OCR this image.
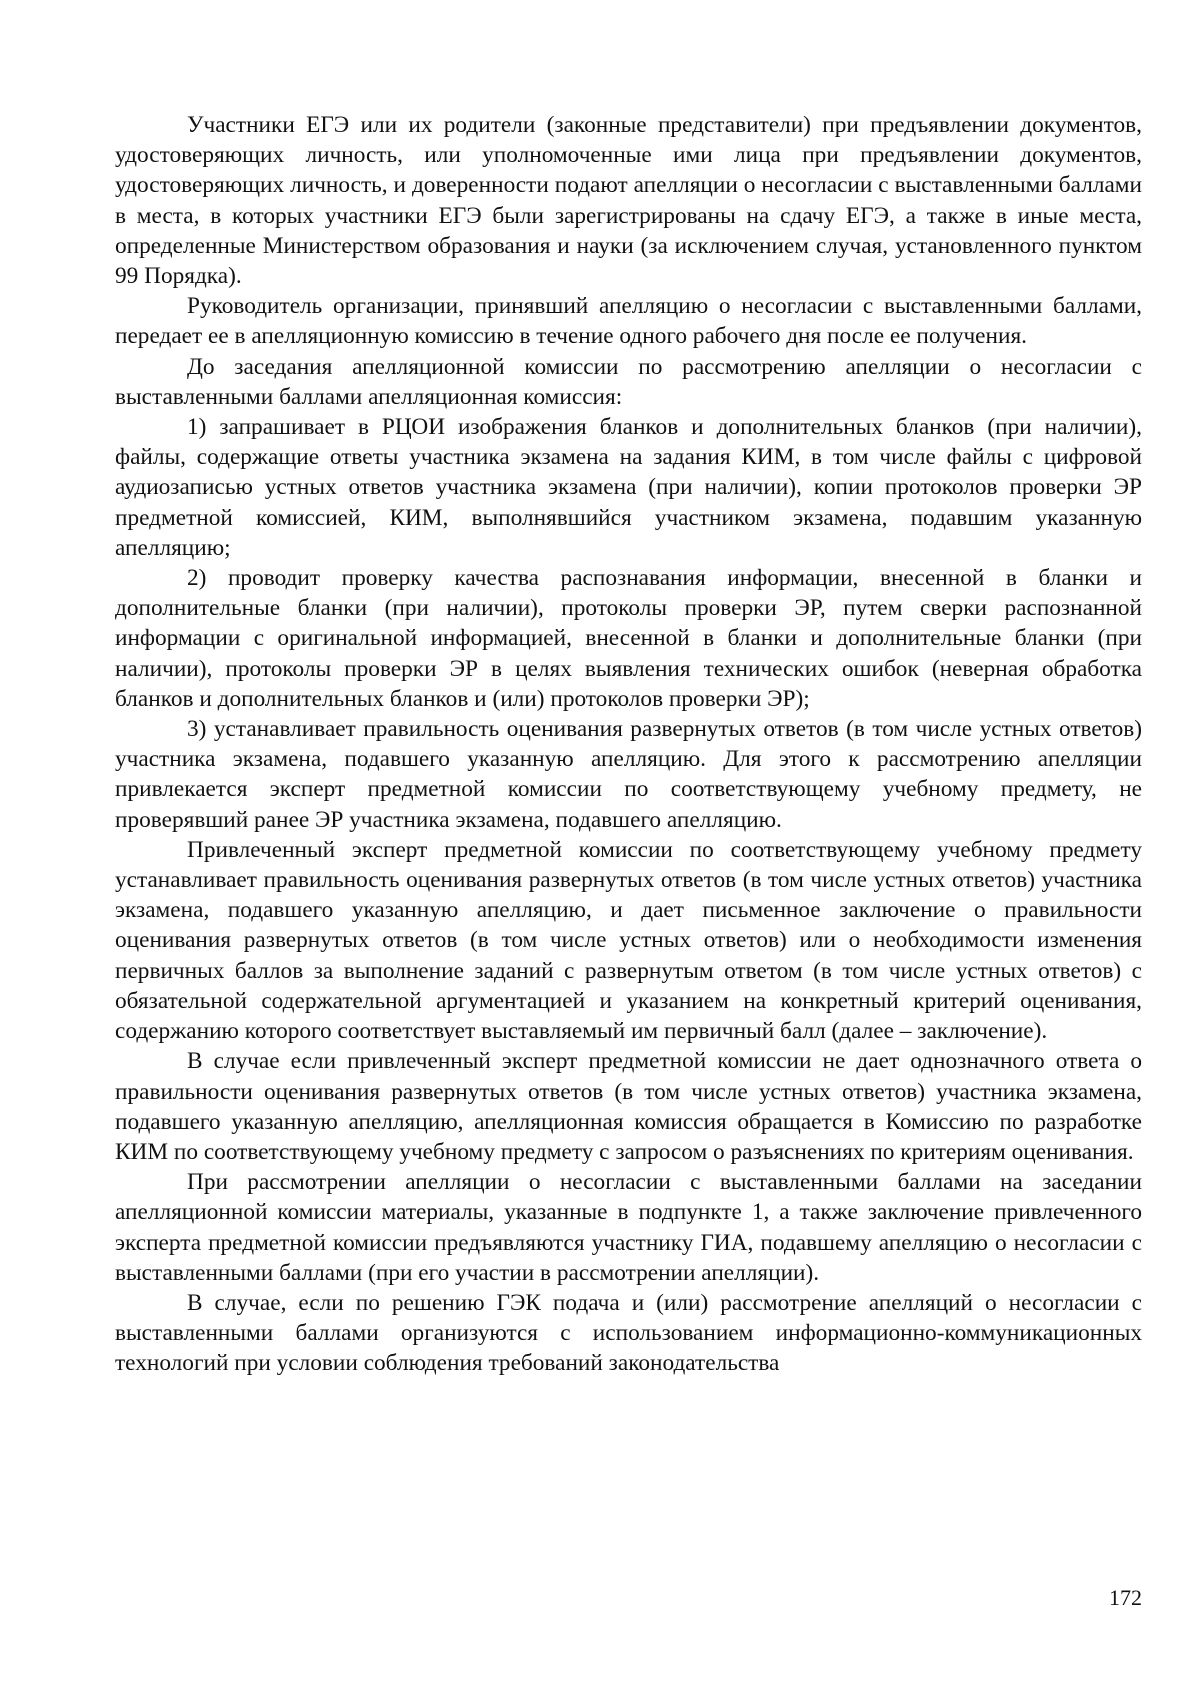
Участники ЕГЭ или их родители (законные представители) при предъявлении документов, удостоверяющих личность, или уполномоченные ими лица при предъявлении документов, удостоверяющих личность, и доверенности подают апелляции о несогласии с выставленными баллами в места, в которых участники ЕГЭ были зарегистрированы на сдачу ЕГЭ, а также в иные места, определенные Министерством образования и науки (за исключением случая, установленного пунктом 99 Порядка).

Руководитель организации, принявший апелляцию о несогласии с выставленными баллами, передает ее в апелляционную комиссию в течение одного рабочего дня после ее получения.

До заседания апелляционной комиссии по рассмотрению апелляции о несогласии с выставленными баллами апелляционная комиссия:

1) запрашивает в РЦОИ изображения бланков и дополнительных бланков (при наличии), файлы, содержащие ответы участника экзамена на задания КИМ, в том числе файлы с цифровой аудиозаписью устных ответов участника экзамена (при наличии), копии протоколов проверки ЭР предметной комиссией, КИМ, выполнявшийся участником экзамена, подавшим указанную апелляцию;

2) проводит проверку качества распознавания информации, внесенной в бланки и дополнительные бланки (при наличии), протоколы проверки ЭР, путем сверки распознанной информации с оригинальной информацией, внесенной в бланки и дополнительные бланки (при наличии), протоколы проверки ЭР в целях выявления технических ошибок (неверная обработка бланков и дополнительных бланков и (или) протоколов проверки ЭР);

3) устанавливает правильность оценивания развернутых ответов (в том числе устных ответов) участника экзамена, подавшего указанную апелляцию. Для этого к рассмотрению апелляции привлекается эксперт предметной комиссии по соответствующему учебному предмету, не проверявший ранее ЭР участника экзамена, подавшего апелляцию.

Привлеченный эксперт предметной комиссии по соответствующему учебному предмету устанавливает правильность оценивания развернутых ответов (в том числе устных ответов) участника экзамена, подавшего указанную апелляцию, и дает письменное заключение о правильности оценивания развернутых ответов (в том числе устных ответов) или о необходимости изменения первичных баллов за выполнение заданий с развернутым ответом (в том числе устных ответов) с обязательной содержательной аргументацией и указанием на конкретный критерий оценивания, содержанию которого соответствует выставляемый им первичный балл (далее – заключение).

В случае если привлеченный эксперт предметной комиссии не дает однозначного ответа о правильности оценивания развернутых ответов (в том числе устных ответов) участника экзамена, подавшего указанную апелляцию, апелляционная комиссия обращается в Комиссию по разработке КИМ по соответствующему учебному предмету с запросом о разъяснениях по критериям оценивания.

При рассмотрении апелляции о несогласии с выставленными баллами на заседании апелляционной комиссии материалы, указанные в подпункте 1, а также заключение привлеченного эксперта предметной комиссии предъявляются участнику ГИА, подавшему апелляцию о несогласии с выставленными баллами (при его участии в рассмотрении апелляции).

В случае, если по решению ГЭК подача и (или) рассмотрение апелляций о несогласии с выставленными баллами организуются с использованием информационно-коммуникационных технологий при условии соблюдения требований законодательства

172
